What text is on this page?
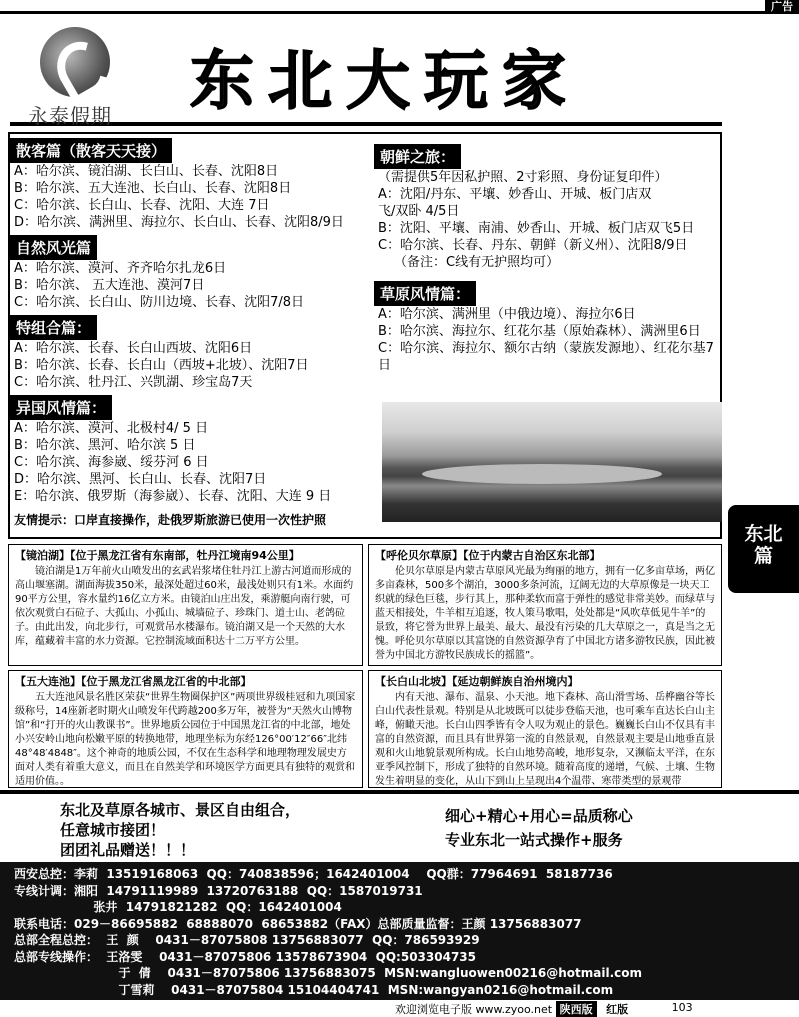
广告
永泰假期 东北大玩家
散客篇（散客天天接）
A：哈尔滨、镜泊湖、长白山、长春、沈阳8日
B：哈尔滨、五大连池、长白山、长春、沈阳8日
C：哈尔滨、长白山、长春、沈阳、大连 7日
D：哈尔滨、满洲里、海拉尔、长白山、长春、沈阳8/9日
自然风光篇
A：哈尔滨、漠河、齐齐哈尔扎龙6日
B：哈尔滨、 五大连池、漠河7日
C：哈尔滨、长白山、防川边境、长春、沈阳7/8日
特组合篇：
A：哈尔滨、长春、长白山西坡、沈阳6日
B：哈尔滨、长春、长白山（西坡+北坡）、沈阳7日
C：哈尔滨、牡丹江、兴凯湖、珍宝岛7天
异国风情篇：
A：哈尔滨、漠河、北极村4/ 5 日
B：哈尔滨、黑河、哈尔滨 5 日
C：哈尔滨、海参崴、绥芬河 6 日
D：哈尔滨、黑河、长白山、长春、沈阳7日
E：哈尔滨、俄罗斯（海参崴）、长春、沈阳、大连 9 日
友情提示：口岸直接操作，赴俄罗斯旅游已使用一次性护照
朝鲜之旅：
（需提供5年因私护照、2寸彩照、身份证复印件）
A：沈阳/丹东、平壤、妙香山、开城、板门店双飞/双卧 4/5日
B：沈阳、平壤、南浦、妙香山、开城、板门店双飞5日
C：哈尔滨、长春、丹东、朝鲜（新义州）、沈阳8/9日
（备注：C线有无护照均可）
草原风情篇：
A：哈尔滨、满洲里（中俄边境）、海拉尔6日
B：哈尔滨、海拉尔、红花尔基（原始森林）、满洲里6日
C：哈尔滨、海拉尔、额尔古纳（蒙族发源地）、红花尔基7日
东北
篇
【镜泊湖】【位于黑龙江省有东南部，牡丹江境南94公里】
镜泊湖是1万年前火山喷发出的玄武岩浆堵住牡丹江上游古河道而形成的高山堰塞湖。湖面海拔350米，最深处超过60米，最浅处则只有1米。水面约90平方公里，容水量约16亿立方米。由镜泊山庄出发，乘游艇向南行驶，可依次观赏白石砬子、大孤山、小孤山、城墙砬子、珍珠门、道士山、老鸽砬子。由此出发，向北步行，可观赏吊水楼瀑布。镜泊湖又是一个天然的大水库，蕴藏着丰富的水力资源。它控制流域面积达十二万平方公里。
【呼伦贝尔草原】【位于内蒙古自治区东北部】
伦贝尔草原是内蒙古草原风光最为绚丽的地方，拥有一亿多亩草场，两亿多亩森林，500多个湖泊，3000多条河流，辽阔无边的大草原像是一块天工织就的绿色巨毯，步行其上，那种柔软而富于弹性的感觉非常美妙。而绿草与蓝天相接处，牛羊相互追逐，牧人策马歌唱，处处都是“风吹草低见牛羊”的景致，将它誉为世界上最美、最大、最没有污染的几大草原之一，真是当之无愧。呼伦贝尔草原以其富饶的自然资源孕育了中国北方诸多游牧民族，因此被誉为中国北方游牧民族成长的摇篮”。
【五大连池】【位于黑龙江省黑龙江省的中北部】
五大连池风景名胜区荣获“世界生物圈保护区”两项世界级桂冠和九项国家级称号，14座新老时期火山喷发年代跨越200多万年，被誉为“天然火山博物馆”和“打开的火山教课书”。世界地质公园位于中国黑龙江省的中北部，地处小兴安岭山地向松嫩平原的转换地带，地理坐标为东经126°00′12″66″北纬48°48′4848″。这个神奇的地质公园，不仅在生态科学和地理物理发展史方面对人类有着重大意义，而且在自然美学和环境医学方面更具有独特的观赏和适用价值。。
【长白山北坡】【延边朝鲜族自治州境内】
内有天池、瀑布、温泉、小天池。地下森林、高山滑雪场、岳桦幽谷等长白山代表性景观。特别是从北坡既可以徒步登临天池，也可乘车直达长白山主峰，俯瞰天池。长白山四季皆有令人叹为观止的景色。巍巍长白山不仅具有丰富的自然资源，而且具有世界第一流的自然景观，自然景观主要是山地垂直景观和火山地貌景观所构成。长白山地势高峻，地形复杂，又濒临太平洋，在东亚季风控制下，形成了独特的自然环境。随着高度的递增，气候、土壤、生物发生着明显的变化，从山下到山上呈现出4个温带、寒带类型的景观带
东北及草原各城市、景区自由组合，
任意城市接团！
团团礼品赠送！！！
细心+精心+用心=品质称心
专业东北一站式操作+服务
西安总控：李莉  13519168063  QQ：740838596；1642401004    QQ群：77964691  58187736
专线计调：湘阳  14791119989  13720763188  QQ：1587019731
张井  14791821282  QQ：1642401004
联系电话：029－86695882  68888070  68653882（FAX）总部质量监督：王颜 13756883077
总部全程总控：  王  颜    0431－87075808 13756883077  QQ：786593929
总部专线操作：  王洛雯    0431－87075806 13578673904  QQ:503304735
于  倩    0431－87075806 13756883075  MSN:wangluowen00216@hotmail.com
丁雪莉    0431－87075804 15104404741  MSN:wangyan0216@hotmail.com
欢迎浏览电子版 www.zyoo.net 陕西版 红版	103
